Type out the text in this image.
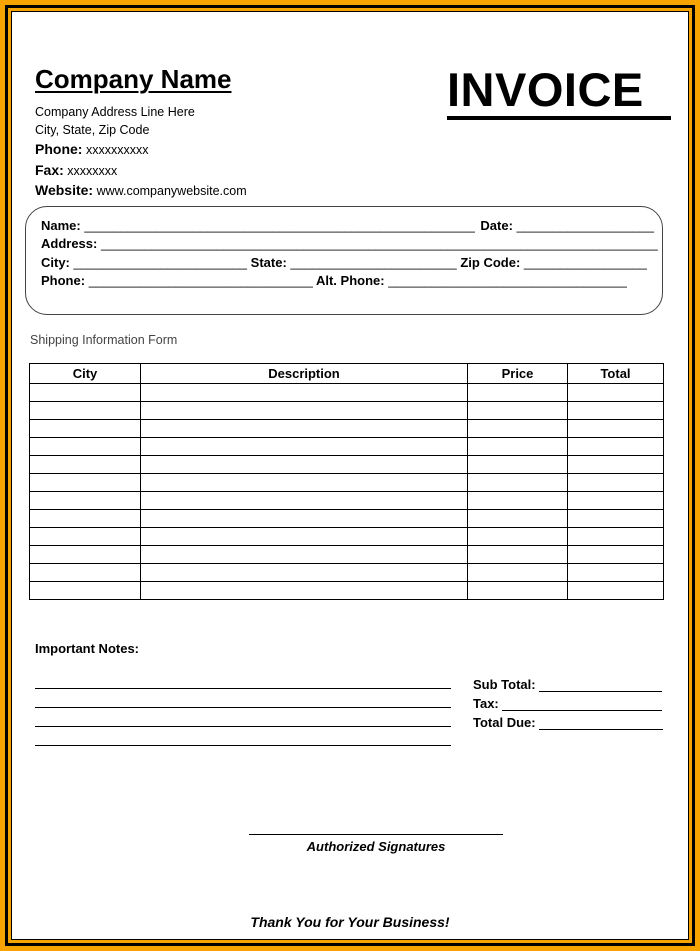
Company Name
Company Address Line Here
City, State, Zip Code
Phone: xxxxxxxxxx
Fax: xxxxxxxx
Website: www.companywebsite.com
INVOICE
Name: ______________________________________________________ Date: ___________________
Address: _____________________________________________________________________________
City: ________________________ State: _______________________ Zip Code: _________________
Phone: _______________________________ Alt. Phone: _________________________________
Shipping Information Form
City	Description	Price	Total

Important Notes:
Sub Total:
Tax:
Total Due:
Authorized Signatures
Thank You for Your Business!
